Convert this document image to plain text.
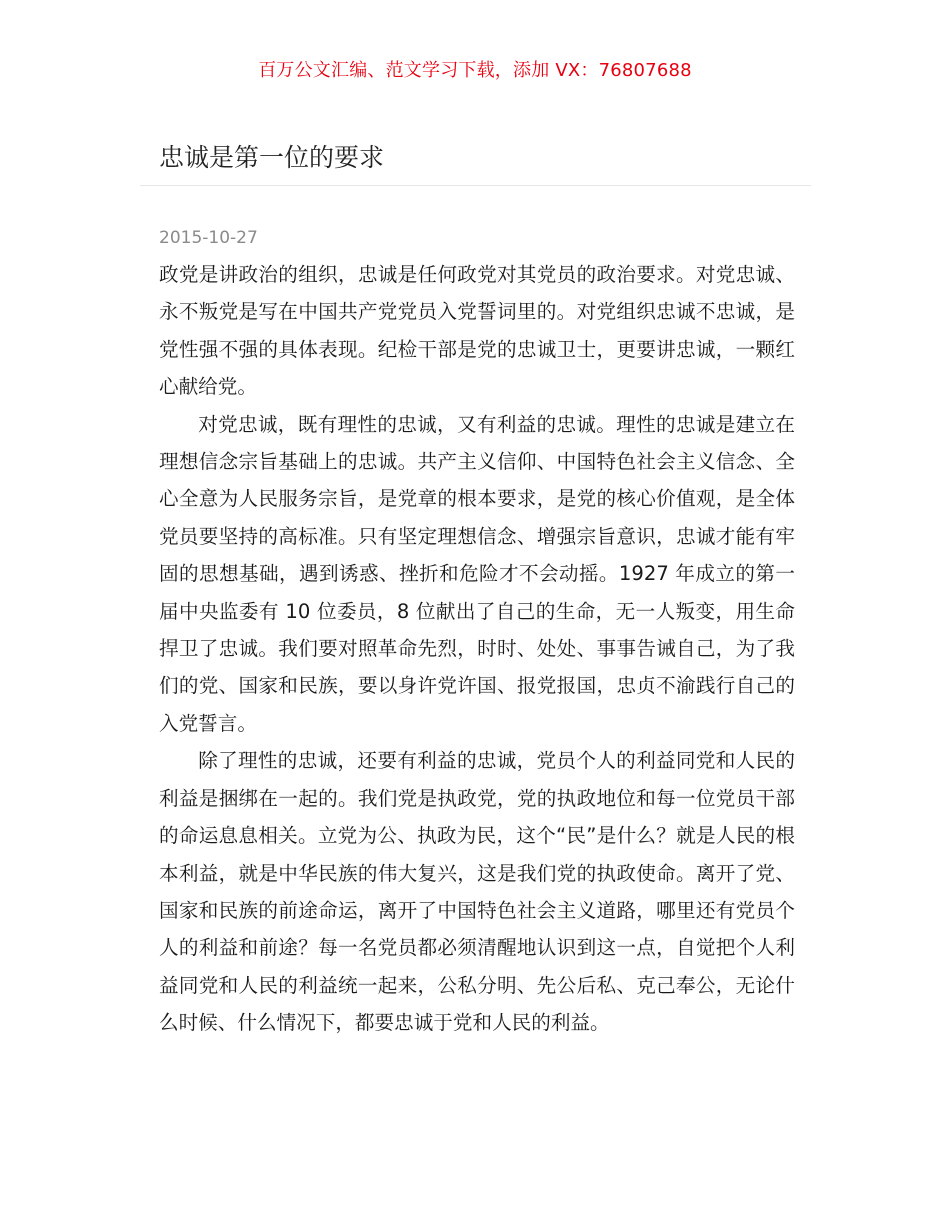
百万公文汇编、范文学习下载，添加 VX：76807688
忠诚是第一位的要求
2015-10-27

政党是讲政治的组织，忠诚是任何政党对其党员的政治要求。对党忠诚、永不叛党是写在中国共产党党员入党誓词里的。对党组织忠诚不忠诚，是党性强不强的具体表现。纪检干部是党的忠诚卫士，更要讲忠诚，一颗红心献给党。

对党忠诚，既有理性的忠诚，又有利益的忠诚。理性的忠诚是建立在理想信念宗旨基础上的忠诚。共产主义信仰、中国特色社会主义信念、全心全意为人民服务宗旨，是党章的根本要求，是党的核心价值观，是全体党员要坚持的高标准。只有坚定理想信念、增强宗旨意识，忠诚才能有牢固的思想基础，遇到诱惑、挫折和危险才不会动摇。1927 年成立的第一届中央监委有 10 位委员，8 位献出了自己的生命，无一人叛变，用生命捍卫了忠诚。我们要对照革命先烈，时时、处处、事事告诫自己，为了我们的党、国家和民族，要以身许党许国、报党报国，忠贞不渝践行自己的入党誓言。

除了理性的忠诚，还要有利益的忠诚，党员个人的利益同党和人民的利益是捆绑在一起的。我们党是执政党，党的执政地位和每一位党员干部的命运息息相关。立党为公、执政为民，这个“民”是什么？就是人民的根本利益，就是中华民族的伟大复兴，这是我们党的执政使命。离开了党、国家和民族的前途命运，离开了中国特色社会主义道路，哪里还有党员个人的利益和前途？每一名党员都必须清醒地认识到这一点，自觉把个人利益同党和人民的利益统一起来，公私分明、先公后私、克己奉公，无论什么时候、什么情况下，都要忠诚于党和人民的利益。
